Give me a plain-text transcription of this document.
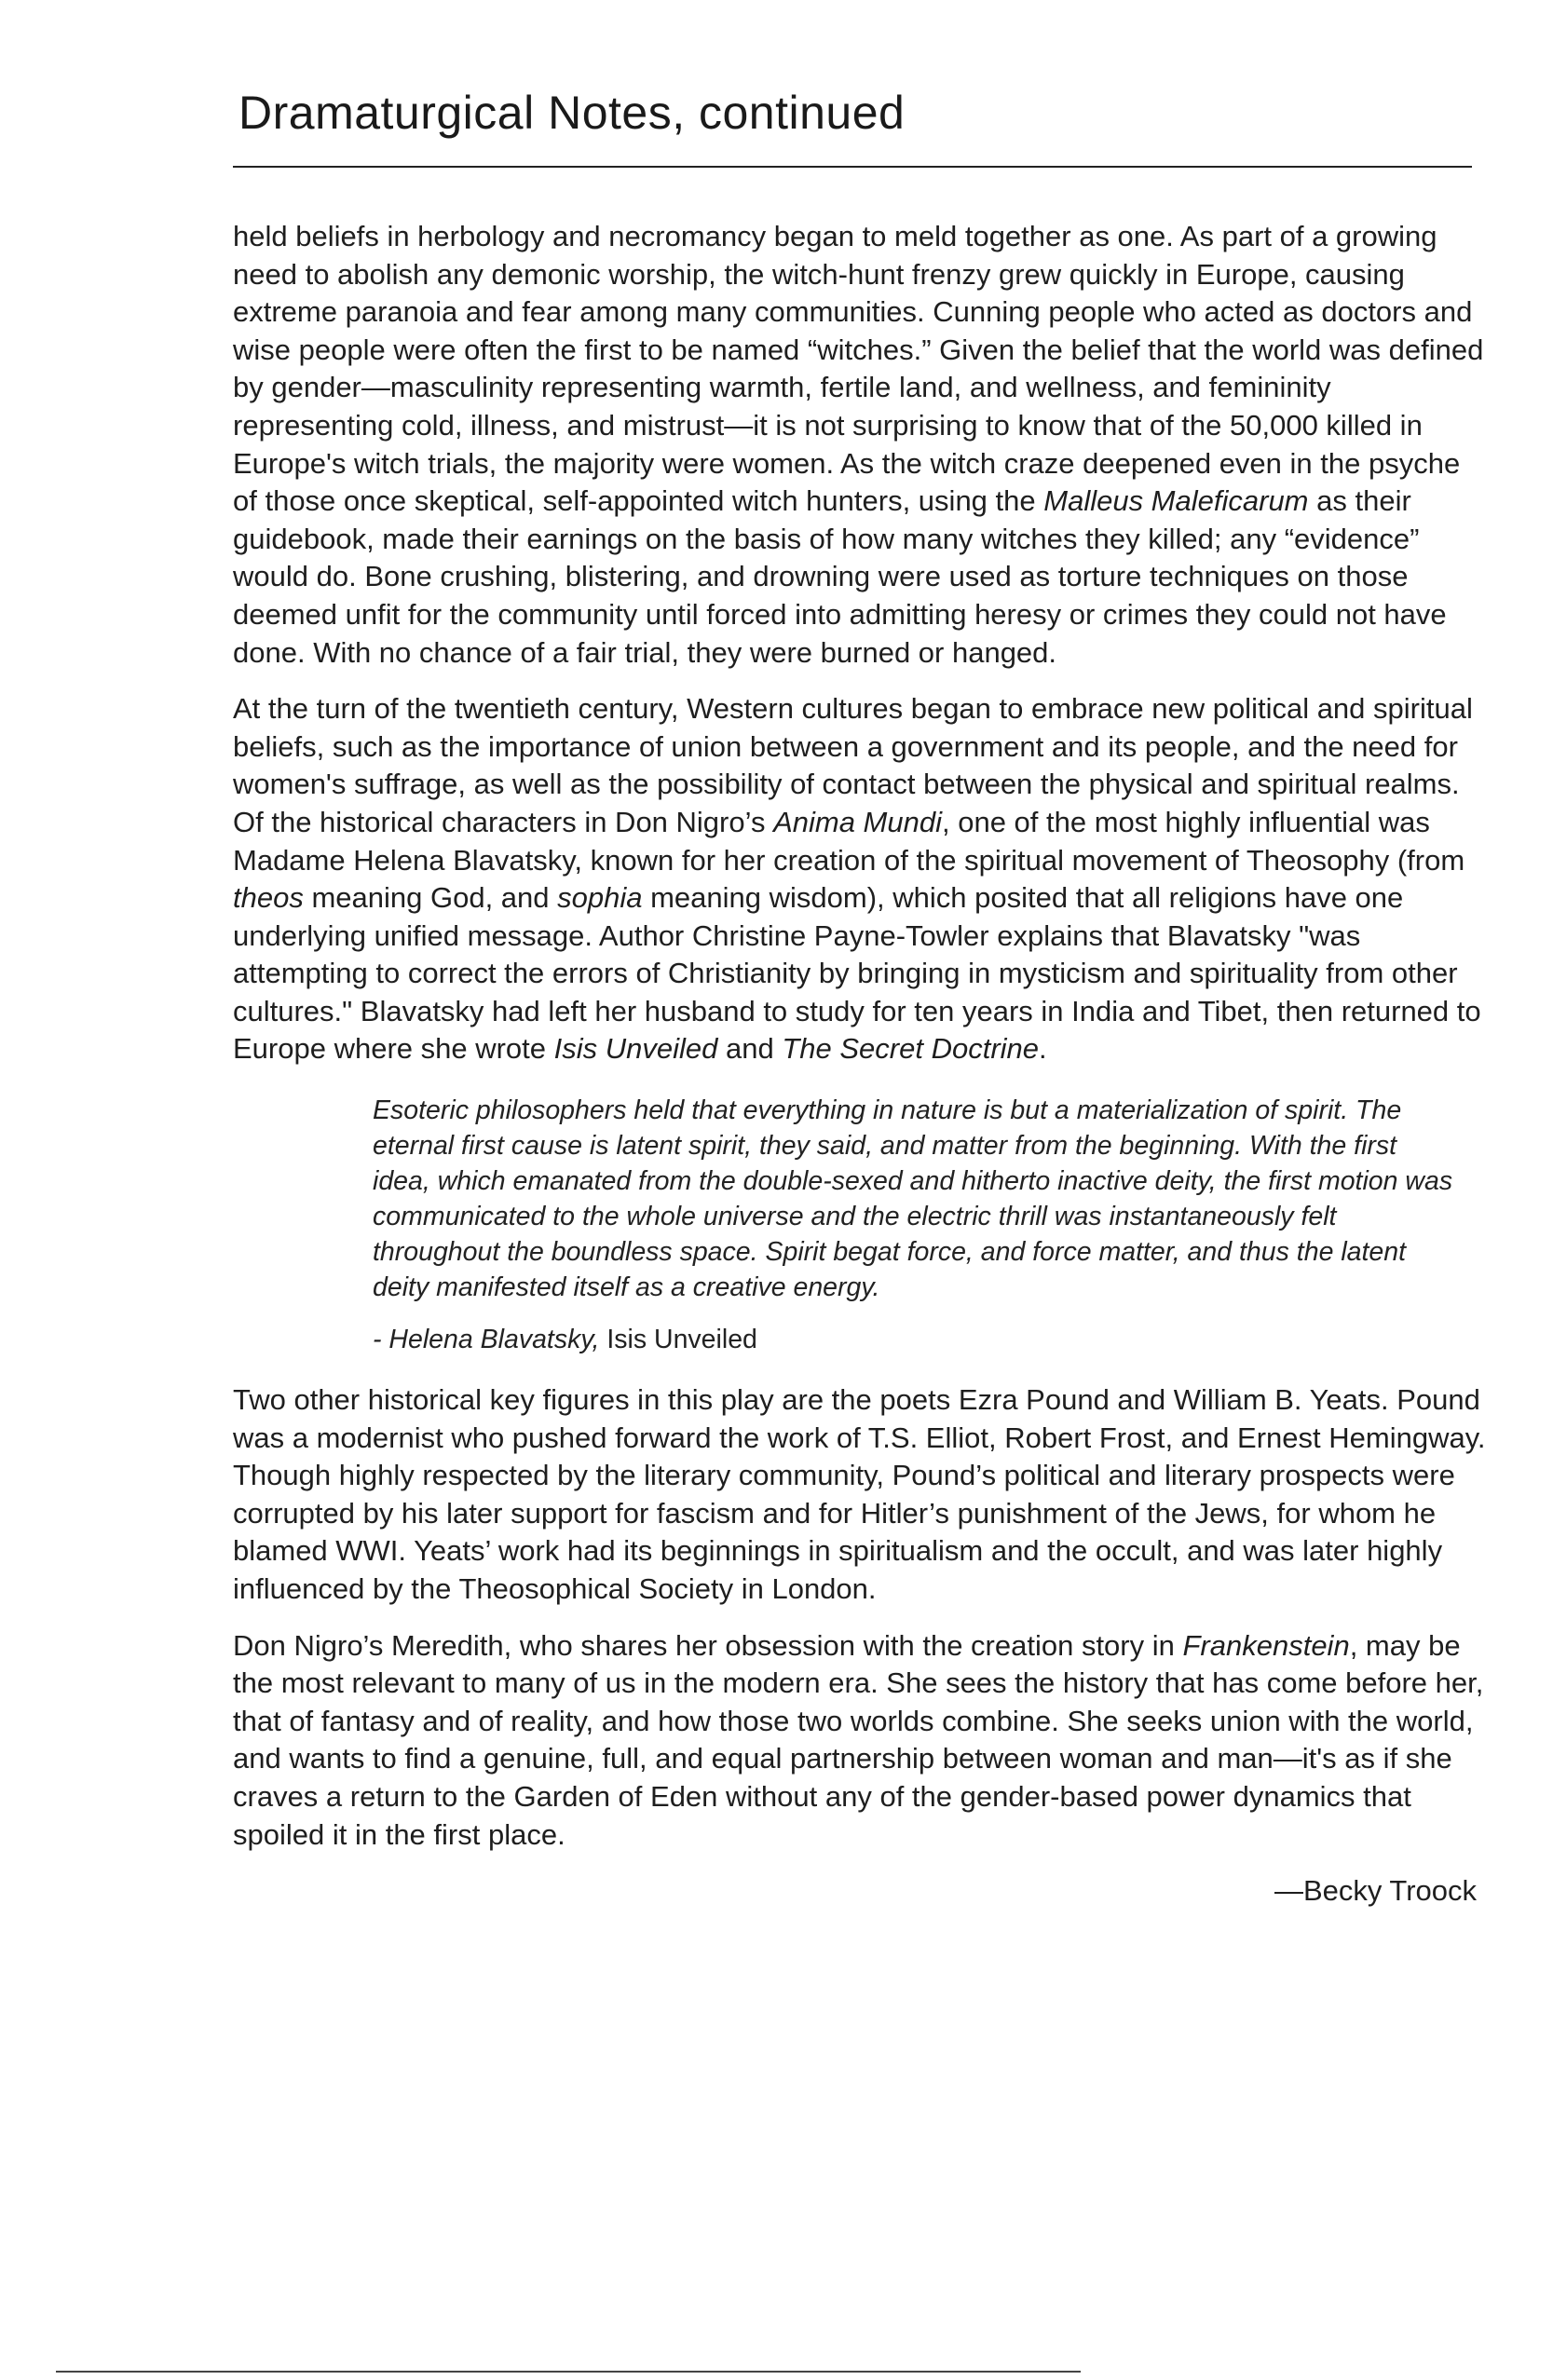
Dramaturgical Notes, continued

held beliefs in herbology and necromancy began to meld together as one. As part of a growing need to abolish any demonic worship, the witch-hunt frenzy grew quickly in Europe, causing extreme paranoia and fear among many communities. Cunning people who acted as doctors and wise people were often the first to be named “witches.” Given the belief that the world was defined by gender—masculinity representing warmth, fertile land, and wellness, and femininity representing cold, illness, and mistrust—it is not surprising to know that of the 50,000 killed in Europe's witch trials, the majority were women. As the witch craze deepened even in the psyche of those once skeptical, self-appointed witch hunters, using the Malleus Maleficarum as their guidebook, made their earnings on the basis of how many witches they killed; any “evidence” would do. Bone crushing, blistering, and drowning were used as torture techniques on those deemed unfit for the community until forced into admitting heresy or crimes they could not have done. With no chance of a fair trial, they were burned or hanged.

At the turn of the twentieth century, Western cultures began to embrace new political and spiritual beliefs, such as the importance of union between a government and its people, and the need for women's suffrage, as well as the possibility of contact between the physical and spiritual realms. Of the historical characters in Don Nigro’s Anima Mundi, one of the most highly influential was Madame Helena Blavatsky, known for her creation of the spiritual movement of Theosophy (from theos meaning God, and sophia meaning wisdom), which posited that all religions have one underlying unified message. Author Christine Payne-Towler explains that Blavatsky "was attempting to correct the errors of Christianity by bringing in mysticism and spirituality from other cultures." Blavatsky had left her husband to study for ten years in India and Tibet, then returned to Europe where she wrote Isis Unveiled and The Secret Doctrine.

Esoteric philosophers held that everything in nature is but a materialization of spirit. The eternal first cause is latent spirit, they said, and matter from the beginning. With the first idea, which emanated from the double-sexed and hitherto inactive deity, the first motion was communicated to the whole universe and the electric thrill was instantaneously felt throughout the boundless space. Spirit begat force, and force matter, and thus the latent deity manifested itself as a creative energy.

- Helena Blavatsky, Isis Unveiled

Two other historical key figures in this play are the poets Ezra Pound and William B. Yeats. Pound was a modernist who pushed forward the work of T.S. Elliot, Robert Frost, and Ernest Hemingway. Though highly respected by the literary community, Pound’s political and literary prospects were corrupted by his later support for fascism and for Hitler’s punishment of the Jews, for whom he blamed WWI. Yeats’ work had its beginnings in spiritualism and the occult, and was later highly influenced by the Theosophical Society in London.

Don Nigro’s Meredith, who shares her obsession with the creation story in Frankenstein, may be the most relevant to many of us in the modern era. She sees the history that has come before her, that of fantasy and of reality, and how those two worlds combine. She seeks union with the world, and wants to find a genuine, full, and equal partnership between woman and man—it's as if she craves a return to the Garden of Eden without any of the gender-based power dynamics that spoiled it in the first place.

—Becky Troock
